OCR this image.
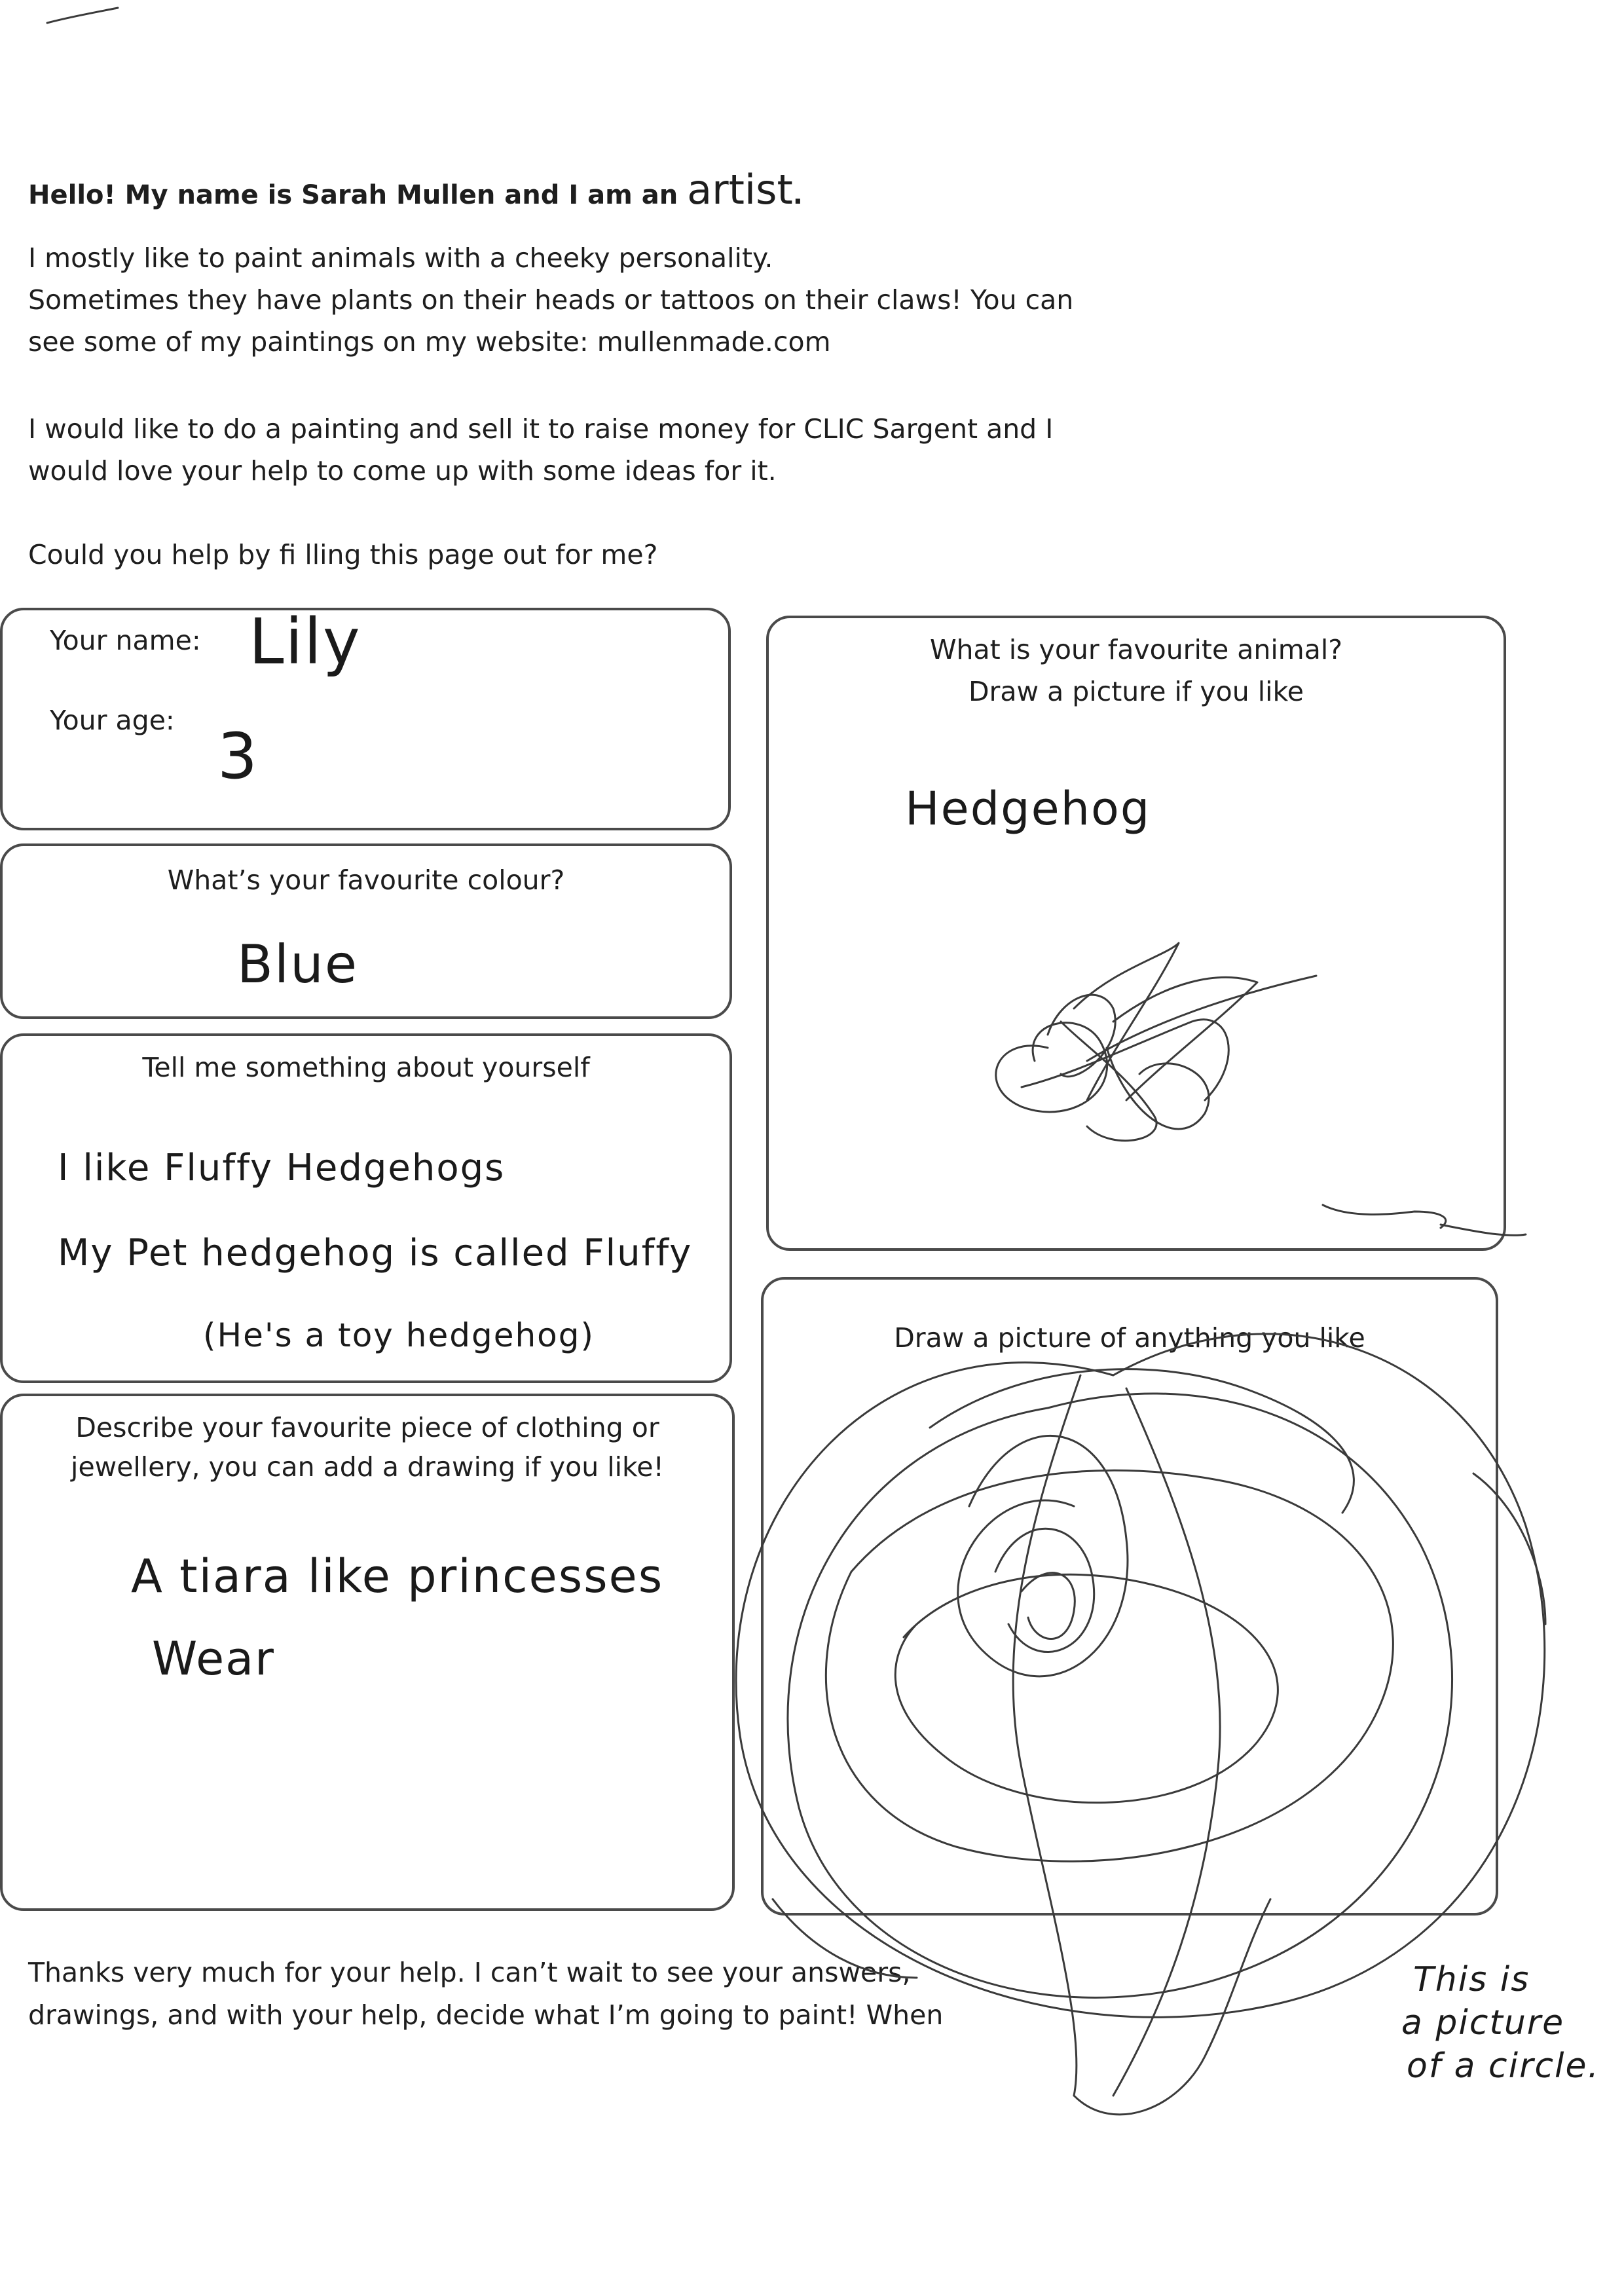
Hello! My name is Sarah Mullen and I am an artist.

I mostly like to paint animals with a cheeky personality.
Sometimes they have plants on their heads or tattoos on their claws! You can
see some of my paintings on my website: mullenmade.com

I would like to do a painting and sell it to raise money for CLIC Sargent and I
would love your help to come up with some ideas for it.

Could you help by fi lling this page out for me?

Your name: Lily

Your age: 3

What’s your favourite colour?

Blue

Tell me something about yourself

I like Fluffy Hedgehogs

My Pet hedgehog is called Fluffy

(He's a toy hedgehog)

Describe your favourite piece of clothing or

jewellery, you can add a drawing if you like!

A tiara like princesses

Wear

What is your favourite animal?

Draw a picture if you like

Hedgehog

Draw a picture of anything you like

This is

a picture

of a circle.

Thanks very much for your help. I can’t wait to see your answers,

drawings, and with your help, decide what I’m going to paint! When
